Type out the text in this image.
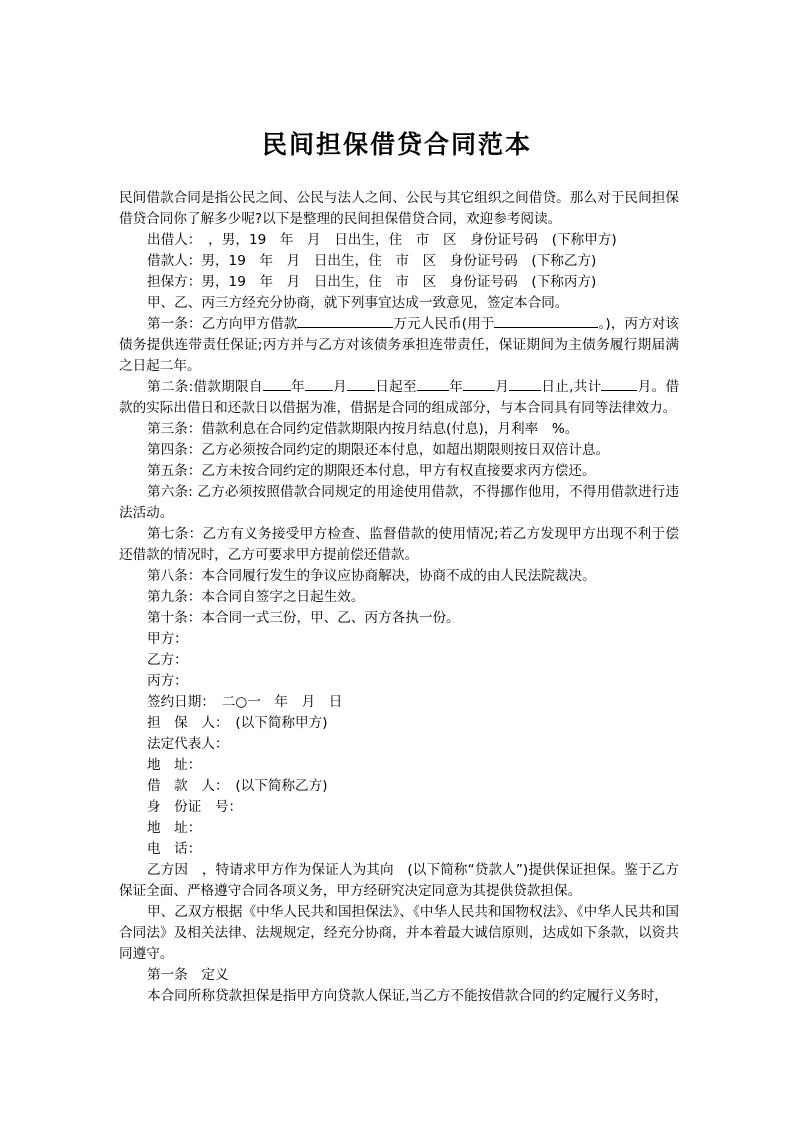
民间担保借贷合同范本

民间借款合同是指公民之间、公民与法人之间、公民与其它组织之间借贷。那么对于民间担保借贷合同你了解多少呢?以下是整理的民间担保借贷合同，欢迎参考阅读。

出借人：　，男，19　年　月　日出生，住　市　区　身份证号码　(下称甲方)

借款人：男，19　年　月　日出生，住　市　区　身份证号码　(下称乙方)

担保方：男，19　年　月　日出生，住　市　区　身份证号码　(下称丙方)

甲、乙、丙三方经充分协商，就下列事宜达成一致意见，签定本合同。

第一条：乙方向甲方借款	万元人民币(用于	。)，丙方对该债务提供连带责任保证;丙方并与乙方对该债务承担连带责任，保证期间为主债务履行期届满之日起二年。

第二条:借款期限自 年 月 日起至 年 月 日止,共计	月。借款的实际出借日和还款日以借据为准，借据是合同的组成部分，与本合同具有同等法律效力。

第三条：借款利息在合同约定借款期限内按月结息(付息)，月利率　%。

第四条：乙方必须按合同约定的期限还本付息，如超出期限则按日双倍计息。

第五条：乙方未按合同约定的期限还本付息，甲方有权直接要求丙方偿还。

第六条: 乙方必须按照借款合同规定的用途使用借款，不得挪作他用，不得用借款进行违法活动。

第七条：乙方有义务接受甲方检查、监督借款的使用情况;若乙方发现甲方出现不利于偿还借款的情况时，乙方可要求甲方提前偿还借款。

第八条：本合同履行发生的争议应协商解决，协商不成的由人民法院裁决。

第九条：本合同自签字之日起生效。

第十条：本合同一式三份，甲、乙、丙方各执一份。

甲方：

乙方：

丙方：

签约日期：　二○一　年　月　日

担　保　人：　(以下简称甲方)

法定代表人：

地　址：

借　款　人：　(以下简称乙方)

身　份证　号：

地　址：

电　话：

乙方因　，特请求甲方作为保证人为其向　(以下简称“贷款人”)提供保证担保。鉴于乙方保证全面、严格遵守合同各项义务，甲方经研究决定同意为其提供贷款担保。

甲、乙双方根据《中华人民共和国担保法》、《中华人民共和国物权法》、《中华人民共和国合同法》及相关法律、法规规定，经充分协商，并本着最大诚信原则，达成如下条款，以资共同遵守。

第一条　定义

本合同所称贷款担保是指甲方向贷款人保证,当乙方不能按借款合同的约定履行义务时，
